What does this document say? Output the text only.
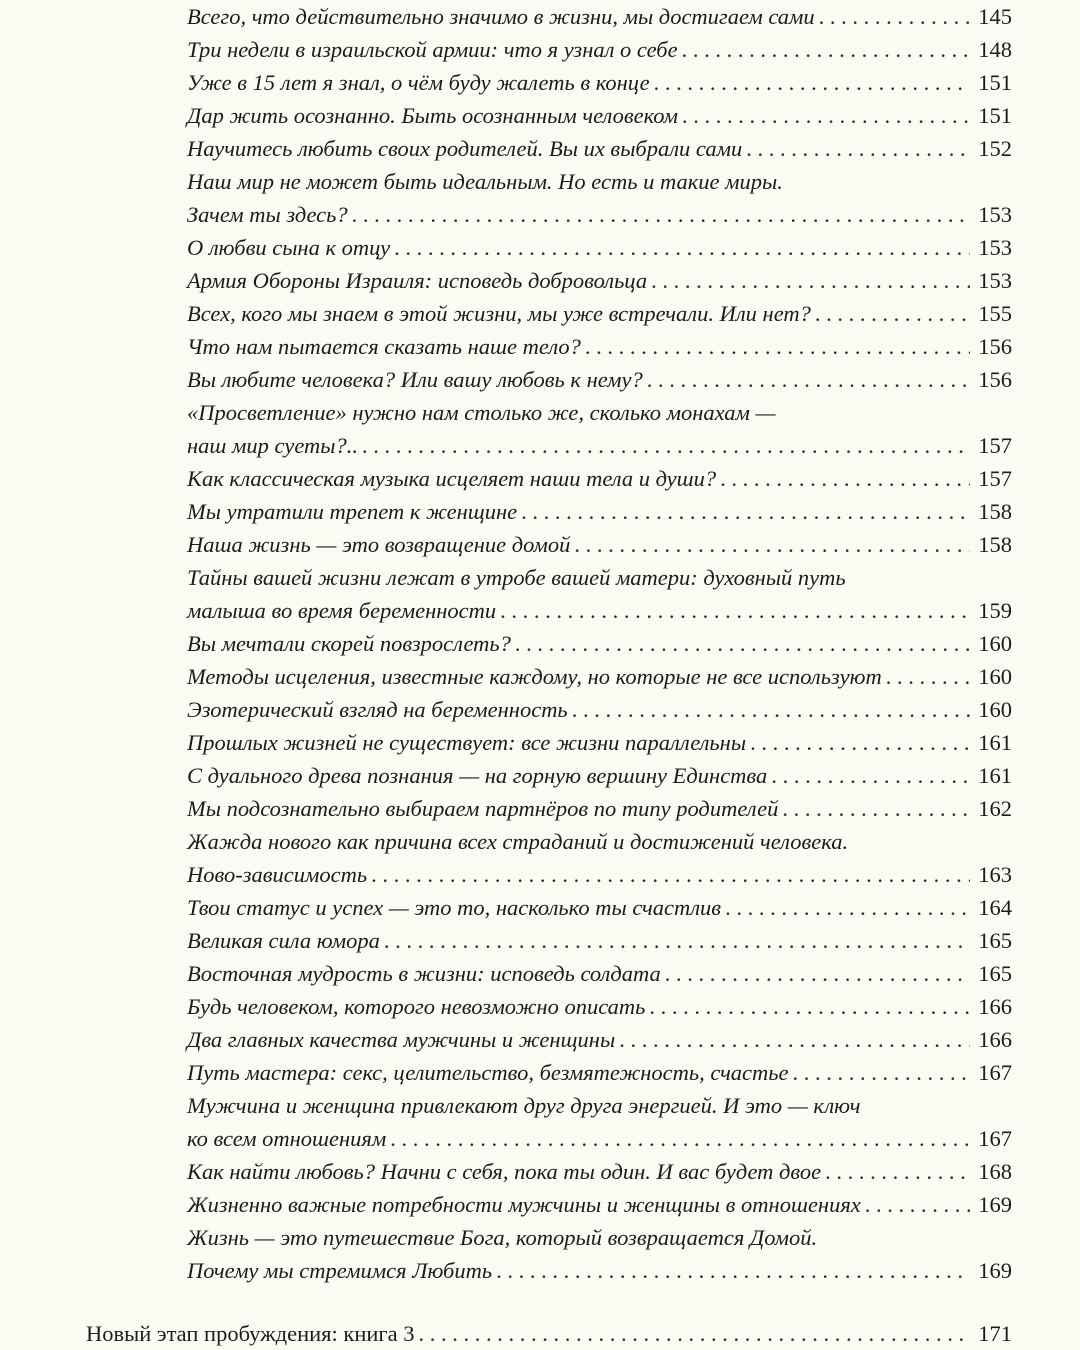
Всего, что действительно значимо в жизни, мы достигаем сами . . .	145
Три недели в израильской армии: что я узнал о себе . . .	148
Уже в 15 лет я знал, о чём буду жалеть в конце . . .	151
Дар жить осознанно. Быть осознанным человеком . . .	151
Научитесь любить своих родителей. Вы их выбрали сами . . .	152
Наш мир не может быть идеальным. Но есть и такие миры.
Зачем ты здесь? . . .	153
О любви сына к отцу . . .	153
Армия Обороны Израиля: исповедь добровольца . . .	153
Всех, кого мы знаем в этой жизни, мы уже встречали. Или нет? . . .	155
Что нам пытается сказать наше тело? . . .	156
Вы любите человека? Или вашу любовь к нему? . . .	156
«Просветление» нужно нам столько же, сколько монахам —
наш мир суеты?.. . . .	157
Как классическая музыка исцеляет наши тела и души? . . .	157
Мы утратили трепет к женщине . . .	158
Наша жизнь — это возвращение домой . . .	158
Тайны вашей жизни лежат в утробе вашей матери: духовный путь
малыша во время беременности . . .	159
Вы мечтали скорей повзрослеть? . . .	160
Методы исцеления, известные каждому, но которые не все используют . . .	160
Эзотерический взгляд на беременность . . .	160
Прошлых жизней не существует: все жизни параллельны . . .	161
С дуального древа познания — на горную вершину Единства . . .	161
Мы подсознательно выбираем партнёров по типу родителей . . .	162
Жажда нового как причина всех страданий и достижений человека.
Ново-зависимость . . .	163
Твои статус и успех — это то, насколько ты счастлив . . .	164
Великая сила юмора . . .	165
Восточная мудрость в жизни: исповедь солдата . . .	165
Будь человеком, которого невозможно описать . . .	166
Два главных качества мужчины и женщины . . .	166
Путь мастера: секс, целительство, безмятежность, счастье . . .	167
Мужчина и женщина привлекают друг друга энергией. И это — ключ
ко всем отношениям . . .	167
Как найти любовь? Начни с себя, пока ты один. И вас будет двое . . .	168
Жизненно важные потребности мужчины и женщины в отношениях . . .	169
Жизнь — это путешествие Бога, который возвращается Домой.
Почему мы стремимся Любить . . .	169
Новый этап пробуждения: книга 3 . . .	171
